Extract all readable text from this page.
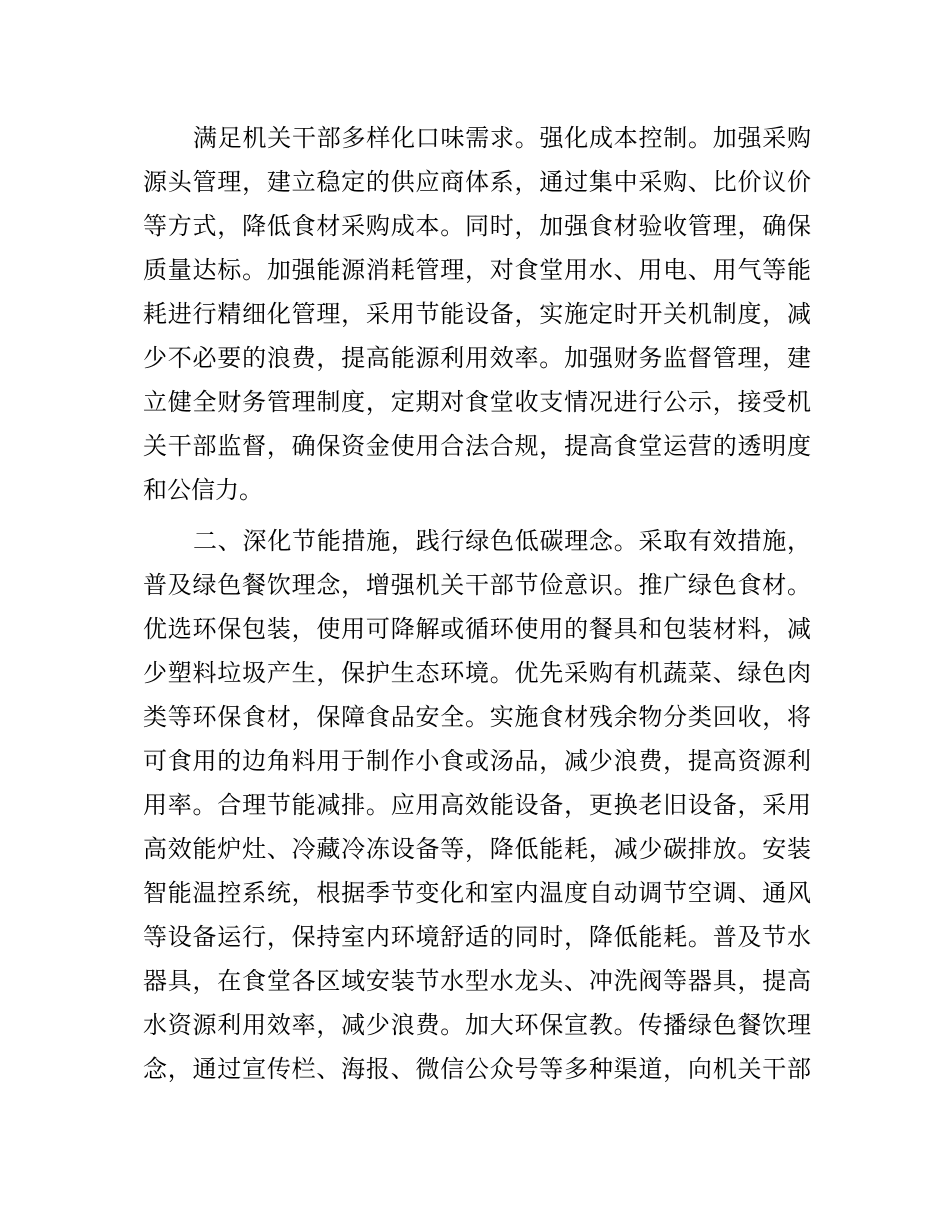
满足机关干部多样化口味需求。强化成本控制。加强采购
源头管理，建立稳定的供应商体系，通过集中采购、比价议价
等方式，降低食材采购成本。同时，加强食材验收管理，确保
质量达标。加强能源消耗管理，对食堂用水、用电、用气等能
耗进行精细化管理，采用节能设备，实施定时开关机制度，减
少不必要的浪费，提高能源利用效率。加强财务监督管理，建
立健全财务管理制度，定期对食堂收支情况进行公示，接受机
关干部监督，确保资金使用合法合规，提高食堂运营的透明度
和公信力。
二、深化节能措施，践行绿色低碳理念。采取有效措施，
普及绿色餐饮理念，增强机关干部节俭意识。推广绿色食材。
优选环保包装，使用可降解或循环使用的餐具和包装材料，减
少塑料垃圾产生，保护生态环境。优先采购有机蔬菜、绿色肉
类等环保食材，保障食品安全。实施食材残余物分类回收，将
可食用的边角料用于制作小食或汤品，减少浪费，提高资源利
用率。合理节能减排。应用高效能设备，更换老旧设备，采用
高效能炉灶、冷藏冷冻设备等，降低能耗，减少碳排放。安装
智能温控系统，根据季节变化和室内温度自动调节空调、通风
等设备运行，保持室内环境舒适的同时，降低能耗。普及节水
器具，在食堂各区域安装节水型水龙头、冲洗阀等器具，提高
水资源利用效率，减少浪费。加大环保宣教。传播绿色餐饮理
念，通过宣传栏、海报、微信公众号等多种渠道，向机关干部
